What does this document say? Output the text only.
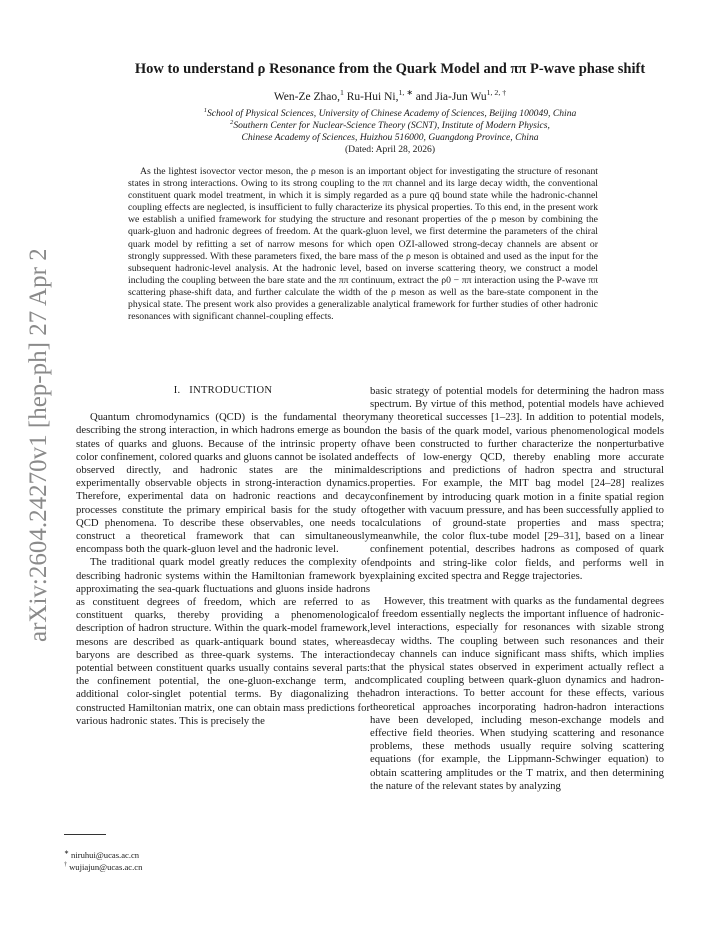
arXiv:2604.24270v1 [hep-ph] 27 Apr 2026
How to understand ρ Resonance from the Quark Model and ππ P-wave phase shift
Wen-Ze Zhao,$^1$ Ru-Hui Ni,$^{1, ∗}$ and Jia-Jun $Wu^{1, 2, \dagger}$
$^1$School of Physical Sciences, University of Chinese Academy of Sciences, Beijing 100049, China
$^2$Southern Center for Nuclear-Science Theory (SCNT), Institute of Modern Physics,
Chinese Academy of Sciences, Huizhou 516000, Guangdong Province, China
(Dated: April 28, 2026)

As the lightest isovector vector meson, the ρ meson is an important object for investigating the structure of resonant states in strong interactions. Owing to its strong coupling to the ππ channel and its large decay width, the conventional constituent quark model treatment, in which it is simply regarded as a pure qq̄ bound state while the hadronic-channel coupling effects are neglected, is insufficient to fully characterize its physical properties. To this end, in the present work we establish a unified framework for studying the structure and resonant properties of the ρ meson by combining the quark-gluon and hadronic degrees of freedom. At the quark-gluon level, we first determine the parameters of the chiral quark model by refitting a set of narrow mesons for which open OZI-allowed strong-decay channels are absent or strongly suppressed. With these parameters fixed, the bare mass of the ρ meson is obtained and used as the input for the subsequent hadronic-level analysis. At the hadronic level, based on inverse scattering theory, we construct a model including the coupling between the bare state and the ππ continuum, extract the ρ0 − ππ interaction using the P-wave ππ scattering phase-shift data, and further calculate the width of the ρ meson as well as the bare-state component in the physical state. The present work also provides a generalizable analytical framework for further studies of other hadronic resonances with significant channel-coupling effects.

I. INTRODUCTION

Quantum chromodynamics (QCD) is the fundamental theory describing the strong interaction, in which hadrons emerge as bound states of quarks and gluons. Because of the intrinsic property of color confinement, colored quarks and gluons cannot be isolated and observed directly, and hadronic states are the minimal experimentally observable objects in strong-interaction dynamics. Therefore, experimental data on hadronic reactions and decay processes constitute the primary empirical basis for the study of QCD phenomena. To describe these observables, one needs to construct a theoretical framework that can simultaneously encompass both the quark-gluon level and the hadronic level.

The traditional quark model greatly reduces the complexity of describing hadronic systems within the Hamiltonian framework by approximating the sea-quark fluctuations and gluons inside hadrons as constituent degrees of freedom, which are referred to as constituent quarks, thereby providing a phenomenological description of hadron structure. Within the quark-model framework, mesons are described as quark-antiquark bound states, whereas baryons are described as three-quark systems. The interaction potential between constituent quarks usually contains several parts: the confinement potential, the one-gluon-exchange term, and additional color-singlet potential terms. By diagonalizing the constructed Hamiltonian matrix, one can obtain mass predictions for various hadronic states. This is precisely the

basic strategy of potential models for determining the hadron mass spectrum. By virtue of this method, potential models have achieved many theoretical successes [1–23]. In addition to potential models, on the basis of the quark model, various phenomenological models have been constructed to further characterize the nonperturbative effects of low-energy QCD, thereby enabling more accurate descriptions and predictions of hadron spectra and structural properties. For example, the MIT bag model [24–28] realizes confinement by introducing quark motion in a finite spatial region together with vacuum pressure, and has been successfully applied to calculations of ground-state properties and mass spectra; meanwhile, the color flux-tube model [29–31], based on a linear confinement potential, describes hadrons as composed of quark endpoints and string-like color fields, and performs well in explaining excited spectra and Regge trajectories.

However, this treatment with quarks as the fundamental degrees of freedom essentially neglects the important influence of hadronic-level interactions, especially for resonances with sizable strong decay widths. The coupling between such resonances and their decay channels can induce significant mass shifts, which implies that the physical states observed in experiment actually reflect a complicated coupling between quark-gluon dynamics and hadron-hadron interactions. To better account for these effects, various theoretical approaches incorporating hadron-hadron interactions have been developed, including meson-exchange models and effective field theories. When studying scattering and resonance problems, these methods usually require solving scattering equations (for example, the Lippmann-Schwinger equation) to obtain scattering amplitudes or the T matrix, and then determining the nature of the relevant states by analyzing

∗ niruhui@ucas.ac.cn
† wujiajun@ucas.ac.cn
